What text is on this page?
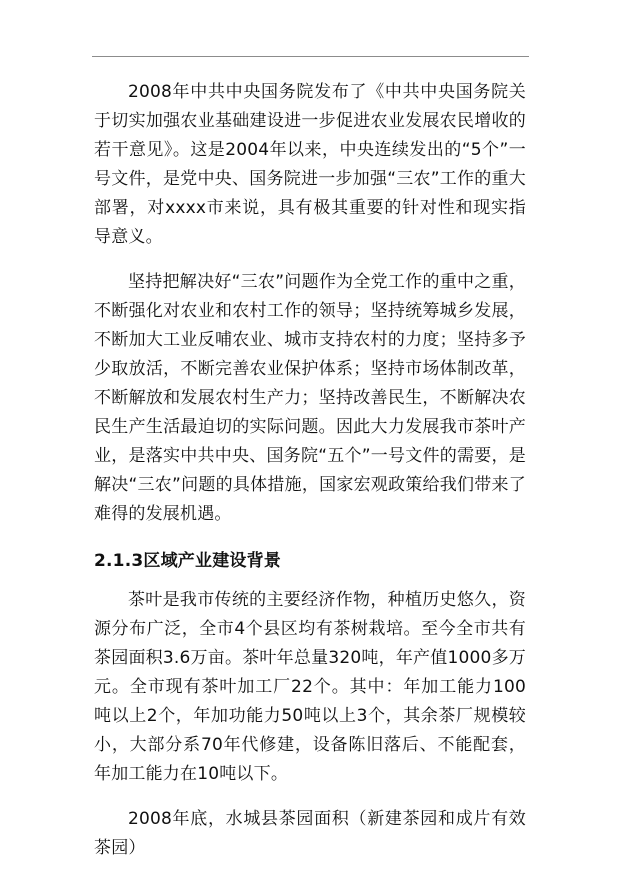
2008年中共中央国务院发布了《中共中央国务院关于切实加强农业基础建设进一步促进农业发展农民增收的若干意见》。这是2004年以来，中央连续发出的“5个”一号文件，是党中央、国务院进一步加强“三农”工作的重大部署，对xxxx市来说，具有极其重要的针对性和现实指导意义。

坚持把解决好“三农”问题作为全党工作的重中之重，不断强化对农业和农村工作的领导；坚持统筹城乡发展，不断加大工业反哺农业、城市支持农村的力度；坚持多予少取放活，不断完善农业保护体系；坚持市场体制改革，不断解放和发展农村生产力；坚持改善民生，不断解决农民生产生活最迫切的实际问题。因此大力发展我市茶叶产业，是落实中共中央、国务院“五个”一号文件的需要，是解决“三农”问题的具体措施，国家宏观政策给我们带来了难得的发展机遇。

2.1.3区域产业建设背景

茶叶是我市传统的主要经济作物，种植历史悠久，资源分布广泛，全市4个县区均有茶树栽培。至今全市共有茶园面积3.6万亩。茶叶年总量320吨，年产值1000多万元。全市现有茶叶加工厂22个。其中：年加工能力100吨以上2个，年加功能力50吨以上3个，其余茶厂规模较小，大部分系70年代修建，设备陈旧落后、不能配套，年加工能力在10吨以下。

2008年底，水城县茶园面积（新建茶园和成片有效茶园）
